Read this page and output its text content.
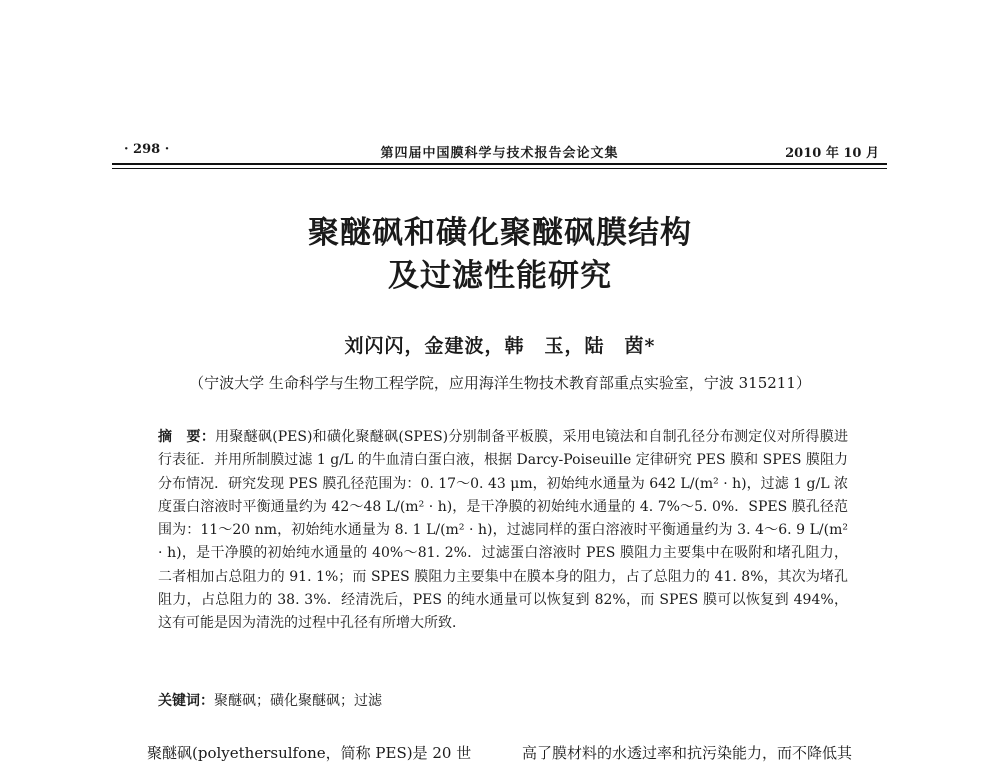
· 298 ·	第四届中国膜科学与技术报告会论文集	2010 年 10 月
聚醚砜和磺化聚醚砜膜结构
及过滤性能研究
刘闪闪，金建波，韩　玉，陆　茵*
（宁波大学 生命科学与生物工程学院，应用海洋生物技术教育部重点实验室，宁波 315211）
摘　要：用聚醚砜(PES)和磺化聚醚砜(SPES)分别制备平板膜，采用电镜法和自制孔径分布测定仪对所得膜进行表征．并用所制膜过滤 1 g/L 的牛血清白蛋白液，根据 Darcy-Poiseuille 定律研究 PES 膜和 SPES 膜阻力分布情况．研究发现 PES 膜孔径范围为：0. 17～0. 43 μm，初始纯水通量为 642 L/(m² · h)，过滤 1 g/L 浓度蛋白溶液时平衡通量约为 42～48 L/(m² · h)，是干净膜的初始纯水通量的 4. 7%～5. 0%．SPES 膜孔径范围为：11～20 nm，初始纯水通量为 8. 1 L/(m² · h)，过滤同样的蛋白溶液时平衡通量约为 3. 4～6. 9 L/(m² · h)，是干净膜的初始纯水通量的 40%～81. 2%．过滤蛋白溶液时 PES 膜阻力主要集中在吸附和堵孔阻力，二者相加占总阻力的 91. 1%；而 SPES 膜阻力主要集中在膜本身的阻力，占了总阻力的 41. 8%，其次为堵孔阻力，占总阻力的 38. 3%．经清洗后，PES 的纯水通量可以恢复到 82%，而 SPES 膜可以恢复到 494%，这有可能是因为清洗的过程中孔径有所增大所致．
关键词：聚醚砜；磺化聚醚砜；过滤
聚醚砜(polyethersulfone，简称 PES)是 20 世	高了膜材料的水透过率和抗污染能力，而不降低其
